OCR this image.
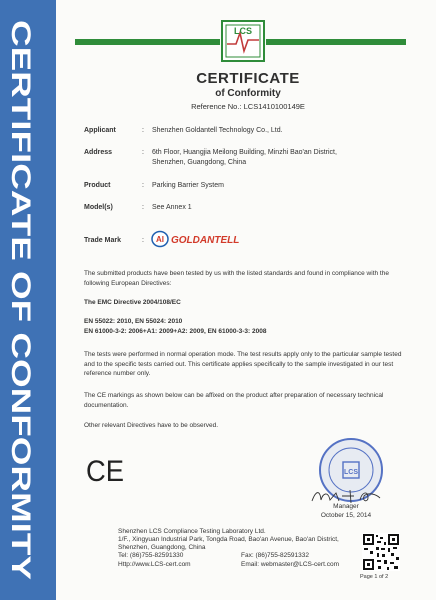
CERTIFICATE OF CONFORMITY	LCS
CERTIFICATE
of Conformity
Reference No.: LCS1410100149E
Applicant	: Shenzhen Goldantell Technology Co., Ltd.
Address	: 6th Floor, Huangjia Meilong Building, Minzhi Bao'an District,
Shenzhen, Guangdong, China
Product	: Parking Barrier System
Model(s)	: See Annex 1
Trade Mark	:	AI GOLDANTELL
The submitted products have been tested by us with the listed standards and found in compliance with the following European Directives:
The EMC Directive 2004/108/EC
EN 55022: 2010, EN 55024: 2010
EN 61000-3-2: 2006+A1: 2009+A2: 2009, EN 61000-3-3: 2008
The tests were performed in normal operation mode. The test results apply only to the particular sample tested and to the specific tests carried out. This certificate applies specifically to the sample investigated in our test reference number only.
The CE markings as shown below can be affixed on the product after preparation of necessary technical documentation.
Other relevant Directives have to be observed.
CE	LCS
Manager
October 15, 2014
Shenzhen LCS Compliance Testing Laboratory Ltd.
1/F., Xingyuan Industrial Park, Tongda Road, Bao'an Avenue, Bao'an District,
Shenzhen, Guangdong, China
Tel: (86)755-82591330	Fax: (86)755-82591332
Http://www.LCS-cert.com	Email: webmaster@LCS-cert.com
Page 1 of 2
